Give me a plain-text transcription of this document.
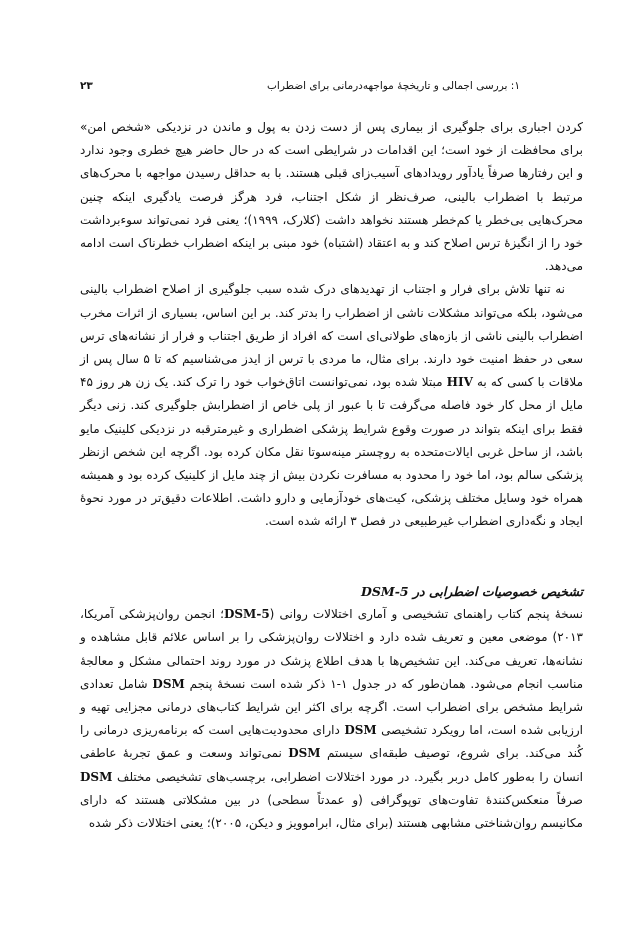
۱: بررسی اجمالی و تاریخچهٔ مواجهه‌درمانی برای اضطراب
۲۳

کردن اجباری برای جلوگیری از بیماری پس از دست زدن به پول و ماندن در نزدیکی «شخص امن» برای محافظت از خود است؛ این اقدامات در شرایطی است که در حال حاضر هیچ خطری وجود ندارد و این رفتارها صرفاً یادآور رویدادهای آسیب‌زای قبلی هستند. با به حداقل رسیدن مواجهه با محرک‌های مرتبط با اضطراب بالینی، صرف‌نظر از شکل اجتناب، فرد هرگز فرصت یادگیری اینکه چنین محرک‌هایی بی‌خطر یا کم‌خطر هستند نخواهد داشت (کلارک، ۱۹۹۹)؛ یعنی فرد نمی‌تواند سوءبرداشت خود را از انگیزهٔ ترس اصلاح کند و به اعتقاد (اشتباه) خود مبنی بر اینکه اضطراب خطرناک است ادامه می‌دهد.

نه تنها تلاش برای فرار و اجتناب از تهدیدهای درک شده سبب جلوگیری از اصلاح اضطراب بالینی می‌شود، بلکه می‌تواند مشکلات ناشی از اضطراب را بدتر کند. بر این اساس، بسیاری از اثرات مخرب اضطراب بالینی ناشی از بازه‌های طولانی‌ای است که افراد از طریق اجتناب و فرار از نشانه‌های ترس سعی در حفظ امنیت خود دارند. برای مثال، ما مردی با ترس از ایدز می‌شناسیم که تا ۵ سال پس از ملاقات با کسی که به HIV مبتلا شده بود، نمی‌توانست اتاق‌خواب خود را ترک کند. یک زن هر روز ۴۵ مایل از محل کار خود فاصله می‌گرفت تا با عبور از پلی خاص از اضطرابش جلوگیری کند. زنی دیگر فقط برای اینکه بتواند در صورت وقوع شرایط پزشکی اضطراری و غیرمترقبه در نزدیکی کلینیک مایو باشد، از ساحل غربی ایالات‌متحده به روچستر مینه‌سوتا نقل مکان کرده بود. اگرچه این شخص ازنظر پزشکی سالم بود، اما خود را محدود به مسافرت نکردن بیش از چند مایل از کلینیک کرده بود و همیشه همراه خود وسایل مختلف پزشکی، کیت‌های خودآزمایی و دارو داشت. اطلاعات دقیق‌تر در مورد نحوهٔ ایجاد و نگه‌داری اضطراب غیرطبیعی در فصل ۳ ارائه شده است.

تشخیص خصوصیات اضطرابی در DSM-5

نسخهٔ پنجم کتاب راهنمای تشخیصی و آماری اختلالات روانی (DSM-5؛ انجمن روان‌پزشکی آمریکا، ۲۰۱۳) موضعی معین و تعریف شده دارد و اختلالات روان‌پزشکی را بر اساس علائم قابل مشاهده و نشانه‌ها، تعریف می‌کند. این تشخیص‌ها با هدف اطلاع پزشک در مورد روند احتمالی مشکل و معالجهٔ مناسب انجام می‌شود. همان‌طور که در جدول ۱-۱ ذکر شده است نسخهٔ پنجم DSM شامل تعدادی شرایط مشخص برای اضطراب است. اگرچه برای اکثر این شرایط کتاب‌های درمانی مجزایی تهیه و ارزیابی شده است، اما رویکرد تشخیصی DSM دارای محدودیت‌هایی است که برنامه‌ریزی درمانی را کُند می‌کند. برای شروع، توصیف طبقه‌ای سیستم DSM نمی‌تواند وسعت و عمق تجربهٔ عاطفی انسان را به‌طور کامل دربر بگیرد. در مورد اختلالات اضطرابی، برچسب‌های تشخیصی مختلف DSM صرفاً منعکس‌کنندهٔ تفاوت‌های توپوگرافی (و عمدتاً سطحی) در بین مشکلاتی هستند که دارای مکانیسم روان‌شناختی مشابهی هستند (برای مثال، ابراموویز و دیکن، ۲۰۰۵)؛ یعنی اختلالات ذکر شده
